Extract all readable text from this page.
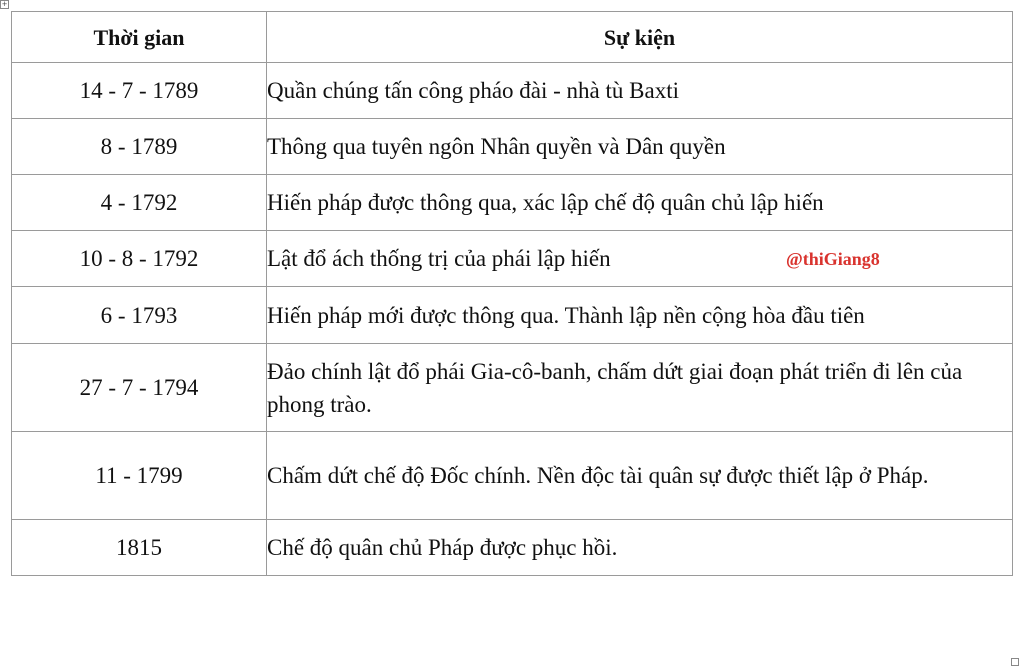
+
Thời gian	Sự kiện
14 - 7 - 1789	Quần chúng tấn công pháo đài - nhà tù Baxti
8 - 1789	Thông qua tuyên ngôn Nhân quyền và Dân quyền
4 - 1792	Hiến pháp được thông qua, xác lập chế độ quân chủ lập hiến
10 - 8 - 1792	Lật đổ ách thống trị của phái lập hiến @thiGiang8

6 - 1793	Hiến pháp mới được thông qua. Thành lập nền cộng hòa đầu tiên
27 - 7 - 1794	Đảo chính lật đổ phái Gia-cô-banh, chấm dứt giai đoạn phát triển đi lên của phong trào.
11 - 1799	Chấm dứt chế độ Đốc chính. Nền độc tài quân sự được thiết lập ở Pháp.
1815	Chế độ quân chủ Pháp được phục hồi.
